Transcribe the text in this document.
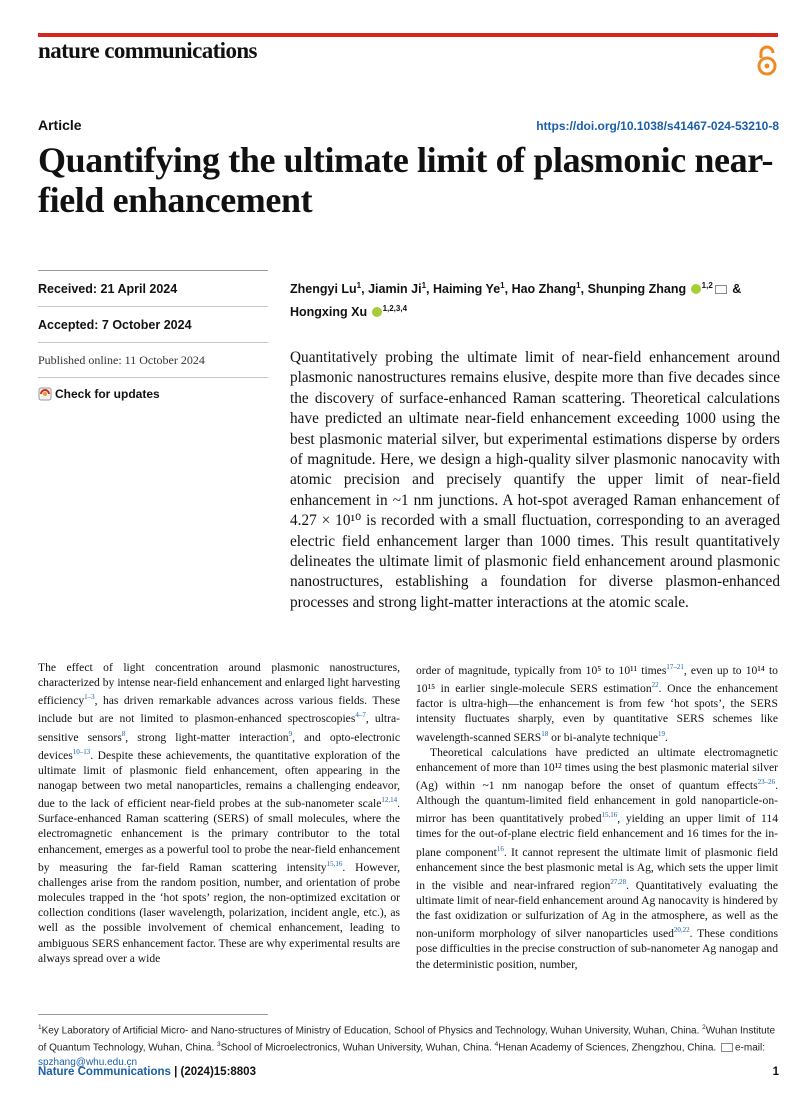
nature communications
Article	https://doi.org/10.1038/s41467-024-53210-8
Quantifying the ultimate limit of plasmonic near-field enhancement
Received: 21 April 2024
Accepted: 7 October 2024
Published online: 11 October 2024
Check for updates
Zhengyi Lu$^1$, Jiamin Ji$^1$, Haiming Ye$^1$, Hao Zhang$^1$, Shunping Zhang $^{1,2}$ &
Hongxing Xu $^{1,2,3,4}$

Quantitatively probing the ultimate limit of near-field enhancement around plasmonic nanostructures remains elusive, despite more than five decades since the discovery of surface-enhanced Raman scattering. Theoretical calculations have predicted an ultimate near-field enhancement exceeding 1000 using the best plasmonic material silver, but experimental estimations disperse by orders of magnitude. Here, we design a high-quality silver plasmonic nanocavity with atomic precision and precisely quantify the upper limit of near-field enhancement in ~1 nm junctions. A hot-spot averaged Raman enhancement of 4.27 × 10¹⁰ is recorded with a small fluctuation, corresponding to an averaged electric field enhancement larger than 1000 times. This result quantitatively delineates the ultimate limit of plasmonic field enhancement around plasmonic nanostructures, establishing a foundation for diverse plasmon-enhanced processes and strong light-matter interactions at the atomic scale.

The effect of light concentration around plasmonic nanostructures, characterized by intense near-field enhancement and enlarged light harvesting efficiency$^{1-3}$, has driven remarkable advances across various fields. These include but are not limited to plasmon-enhanced spectroscopies$^{4-7}$, ultra-sensitive sensors$^8$, strong light-matter interaction$^9$, and opto-electronic devices$^{10-13}$. Despite these achievements, the quantitative exploration of the ultimate limit of plasmonic field enhancement, often appearing in the nanogap between two metal nanoparticles, remains a challenging endeavor, due to the lack of efficient near-field probes at the sub-nanometer scale$^{12,14}$. Surface-enhanced Raman scattering (SERS) of small molecules, where the electromagnetic enhancement is the primary contributor to the total enhancement, emerges as a powerful tool to probe the near-field enhancement by measuring the far-field Raman scattering intensity$^{15,16}$. However, challenges arise from the random position, number, and orientation of probe molecules trapped in the ‘hot spots’ region, the non-optimized excitation or collection conditions (laser wavelength, polarization, incident angle, etc.), as well as the possible involvement of chemical enhancement, leading to ambiguous SERS enhancement factor. These are why experimental results are always spread over a wide

order of magnitude, typically from 10⁵ to 10¹¹ times$^{17-21}$, even up to 10¹⁴ to 10¹⁵ in earlier single-molecule SERS estimation$^{22}$. Once the enhancement factor is ultra-high—the enhancement is from few ‘hot spots’, the SERS intensity fluctuates sharply, even by quantitative SERS schemes like wavelength-scanned SERS$^{18}$ or bi-analyte technique$^{19}$.

Theoretical calculations have predicted an ultimate electromagnetic enhancement of more than 10¹² times using the best plasmonic material silver (Ag) within ~1 nm nanogap before the onset of quantum effects$^{23-26}$. Although the quantum-limited field enhancement in gold nanoparticle-on-mirror has been quantitatively probed$^{15,16}$, yielding an upper limit of 114 times for the out-of-plane electric field enhancement and 16 times for the in-plane component$^{16}$. It cannot represent the ultimate limit of plasmonic field enhancement since the best plasmonic metal is Ag, which sets the upper limit in the visible and near-infrared region$^{27,28}$. Quantitatively evaluating the ultimate limit of near-field enhancement around Ag nanocavity is hindered by the fast oxidization or sulfurization of Ag in the atmosphere, as well as the non-uniform morphology of silver nanoparticles used$^{20,22}$. These conditions pose difficulties in the precise construction of sub-nanometer Ag nanogap and the deterministic position, number,

$^1$Key Laboratory of Artificial Micro- and Nano-structures of Ministry of Education, School of Physics and Technology, Wuhan University, Wuhan, China. $^2$Wuhan Institute of Quantum Technology, Wuhan, China. $^3$School of Microelectronics, Wuhan University, Wuhan, China. $^4$Henan Academy of Sciences, Zhengzhou, China. e-mail: spzhang@whu.edu.cn
Nature Communications | (2024)15:8803	1
